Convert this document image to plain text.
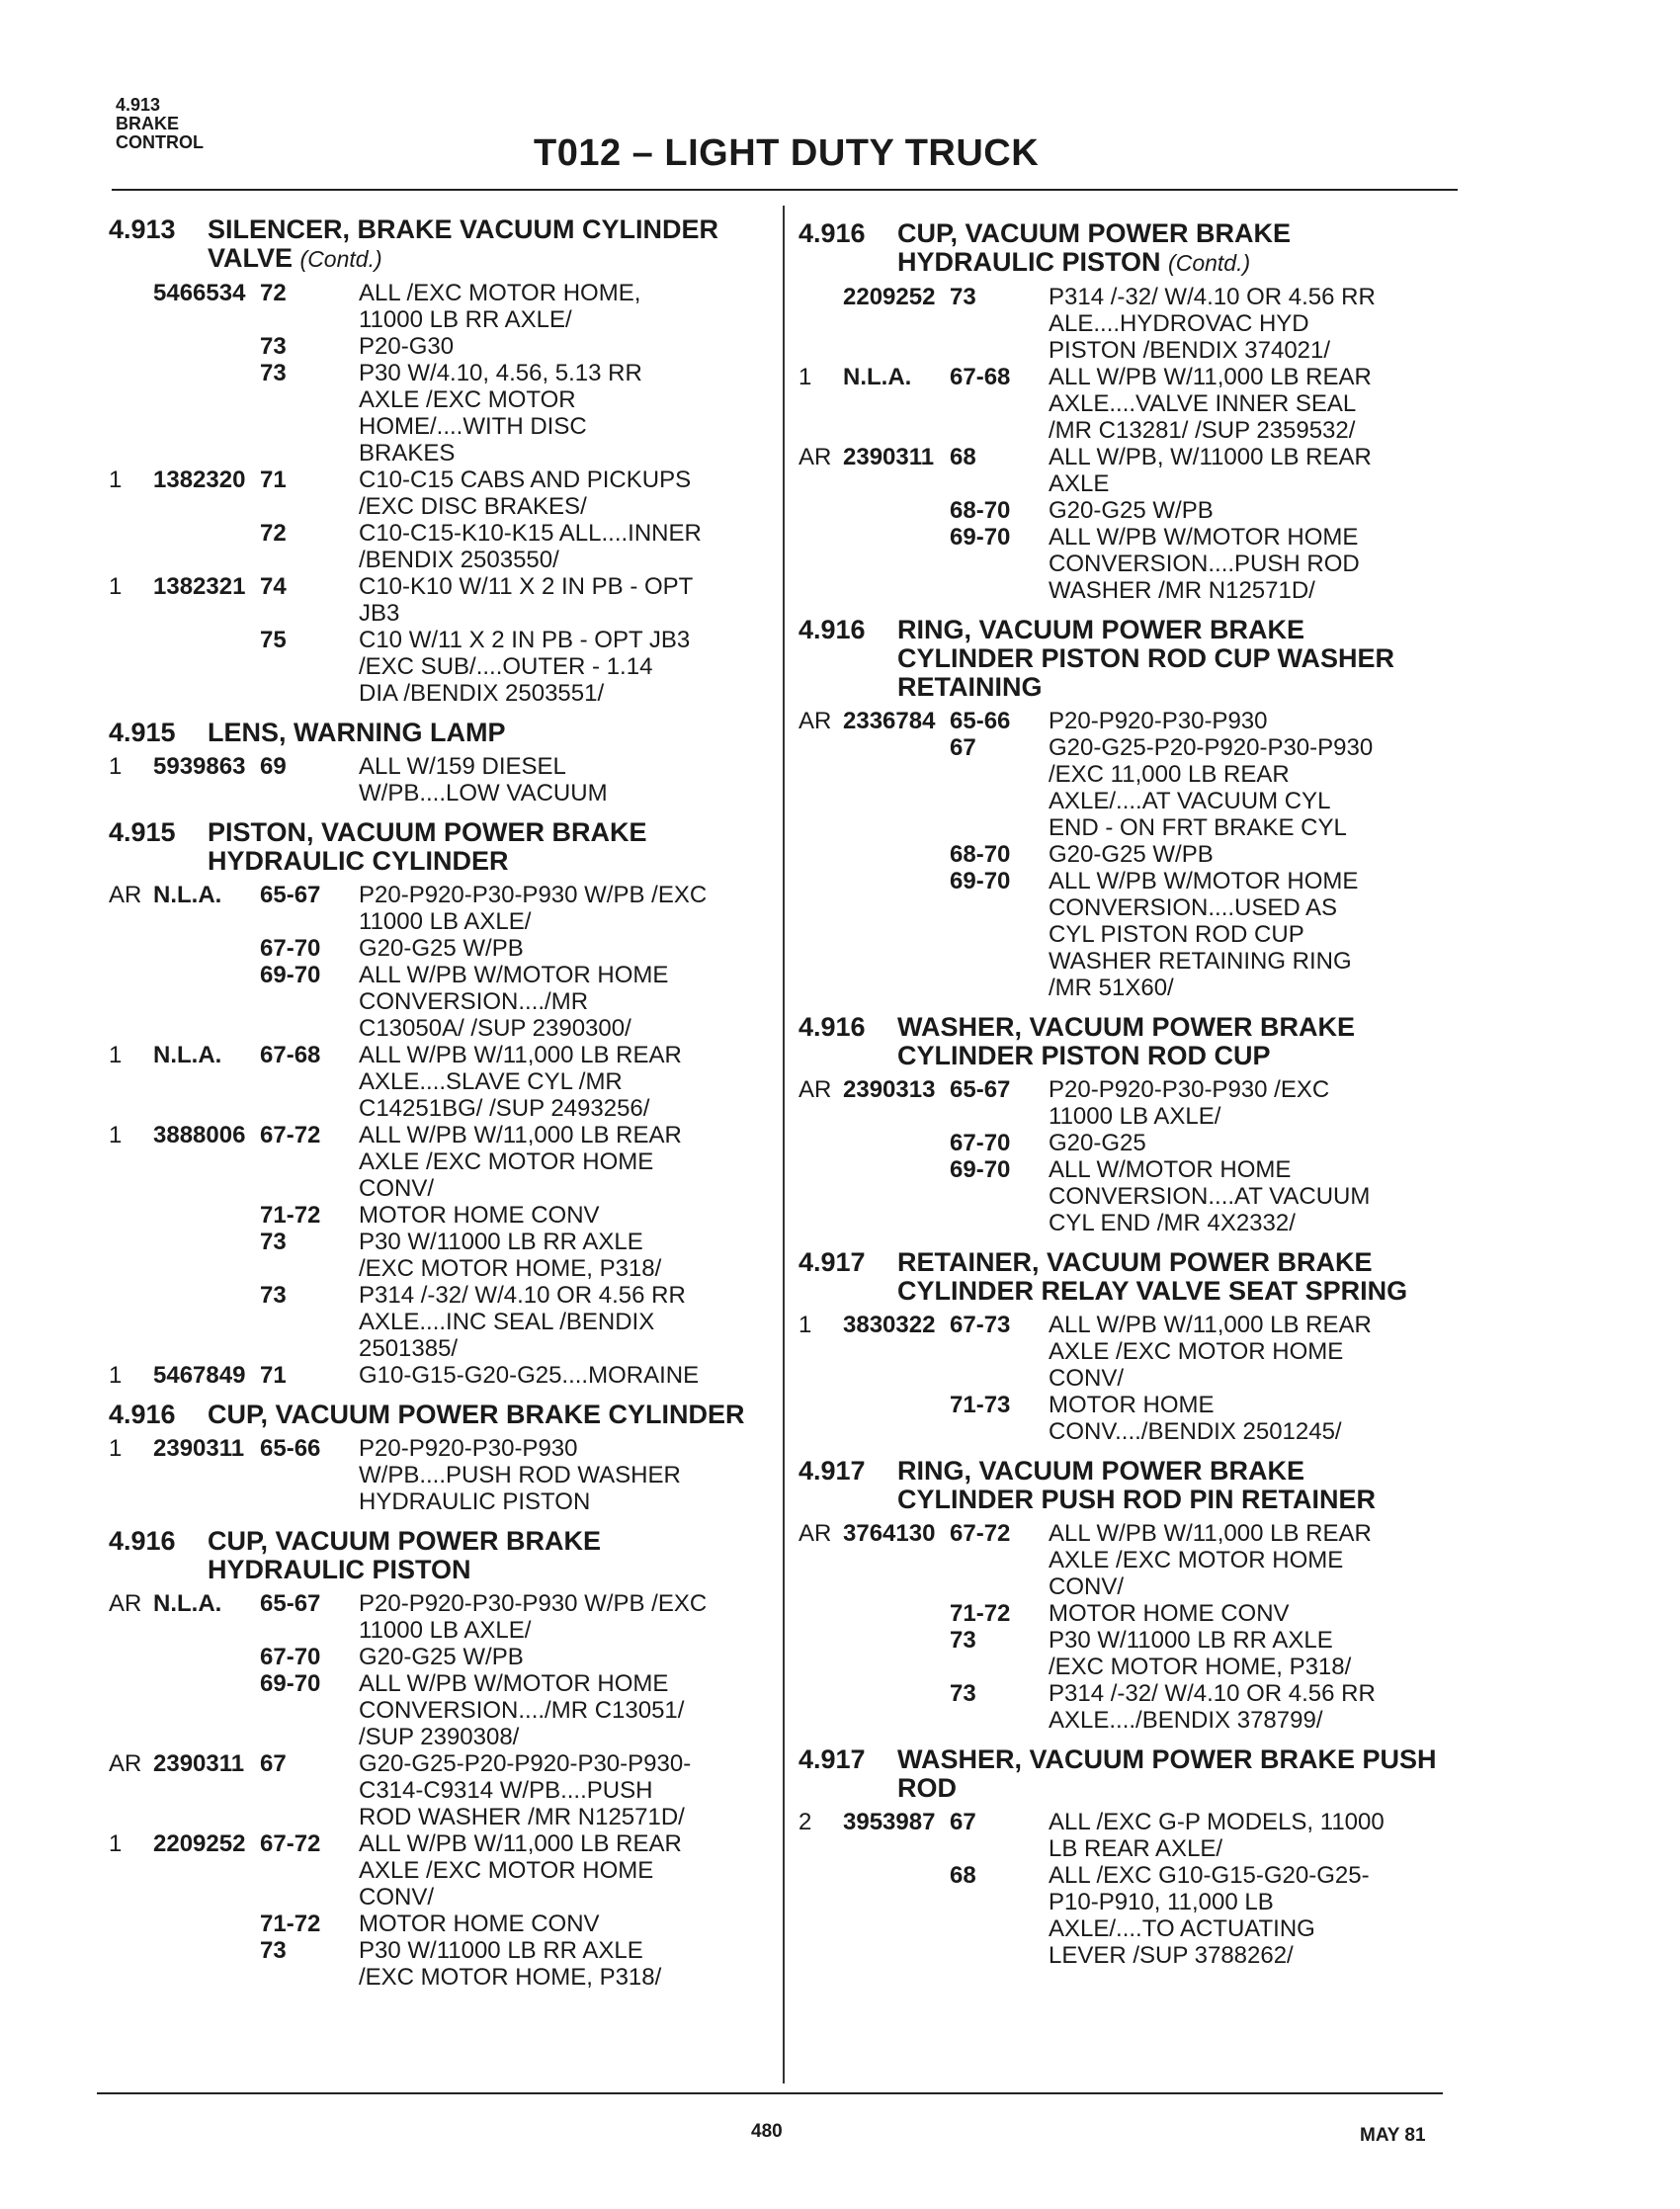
4.913
BRAKE
CONTROL	T012 – LIGHT DUTY TRUCK
4.913 SILENCER, BRAKE VACUUM CYLINDER
VALVE (Contd.)
5466534 72	ALL /EXC MOTOR HOME,
11000 LB RR AXLE/
73	P20-G30
73	P30 W/4.10, 4.56, 5.13 RR
AXLE /EXC MOTOR
HOME/....WITH DISC
BRAKES
1	1382320 71	C10-C15 CABS AND PICKUPS
/EXC DISC BRAKES/
72	C10-C15-K10-K15 ALL....INNER
/BENDIX 2503550/
1	1382321 74	C10-K10 W/11 X 2 IN PB - OPT
JB3
75	C10 W/11 X 2 IN PB - OPT JB3
/EXC SUB/....OUTER - 1.14
DIA /BENDIX 2503551/
4.915 LENS, WARNING LAMP
1	5939863 69	ALL W/159 DIESEL
W/PB....LOW VACUUM
4.915 PISTON, VACUUM POWER BRAKE
HYDRAULIC CYLINDER
AR N.L.A.	65-67	P20-P920-P30-P930 W/PB /EXC
11000 LB AXLE/
67-70	G20-G25 W/PB
69-70	ALL W/PB W/MOTOR HOME
CONVERSION..../MR
C13050A/ /SUP 2390300/
1	N.L.A.	67-68	ALL W/PB W/11,000 LB REAR
AXLE....SLAVE CYL /MR
C14251BG/ /SUP 2493256/
1	3888006 67-72	ALL W/PB W/11,000 LB REAR
AXLE /EXC MOTOR HOME
CONV/
71-72	MOTOR HOME CONV
73	P30 W/11000 LB RR AXLE
/EXC MOTOR HOME, P318/
73	P314 /-32/ W/4.10 OR 4.56 RR
AXLE....INC SEAL /BENDIX
2501385/
1	5467849 71	G10-G15-G20-G25....MORAINE
4.916 CUP, VACUUM POWER BRAKE CYLINDER
1	2390311 65-66	P20-P920-P30-P930
W/PB....PUSH ROD WASHER
HYDRAULIC PISTON
4.916 CUP, VACUUM POWER BRAKE
HYDRAULIC PISTON
AR N.L.A.	65-67	P20-P920-P30-P930 W/PB /EXC
11000 LB AXLE/
67-70	G20-G25 W/PB
69-70	ALL W/PB W/MOTOR HOME
CONVERSION..../MR C13051/
/SUP 2390308/
AR 2390311 67	G20-G25-P20-P920-P30-P930-
C314-C9314 W/PB....PUSH
ROD WASHER /MR N12571D/
1	2209252 67-72	ALL W/PB W/11,000 LB REAR
AXLE /EXC MOTOR HOME
CONV/
71-72	MOTOR HOME CONV
73	P30 W/11000 LB RR AXLE
/EXC MOTOR HOME, P318/
4.916 CUP, VACUUM POWER BRAKE
HYDRAULIC PISTON (Contd.)
2209252 73	P314 /-32/ W/4.10 OR 4.56 RR
ALE....HYDROVAC HYD
PISTON /BENDIX 374021/
1	N.L.A.	67-68	ALL W/PB W/11,000 LB REAR
AXLE....VALVE INNER SEAL
/MR C13281/ /SUP 2359532/
AR 2390311 68	ALL W/PB, W/11000 LB REAR
AXLE
68-70	G20-G25 W/PB
69-70	ALL W/PB W/MOTOR HOME
CONVERSION....PUSH ROD
WASHER /MR N12571D/
4.916 RING, VACUUM POWER BRAKE
CYLINDER PISTON ROD CUP WASHER
RETAINING
AR 2336784 65-66	P20-P920-P30-P930
67	G20-G25-P20-P920-P30-P930
/EXC 11,000 LB REAR
AXLE/....AT VACUUM CYL
END - ON FRT BRAKE CYL
68-70	G20-G25 W/PB
69-70	ALL W/PB W/MOTOR HOME
CONVERSION....USED AS
CYL PISTON ROD CUP
WASHER RETAINING RING
/MR 51X60/
4.916 WASHER, VACUUM POWER BRAKE
CYLINDER PISTON ROD CUP
AR 2390313 65-67	P20-P920-P30-P930 /EXC
11000 LB AXLE/
67-70	G20-G25
69-70	ALL W/MOTOR HOME
CONVERSION....AT VACUUM
CYL END /MR 4X2332/
4.917 RETAINER, VACUUM POWER BRAKE
CYLINDER RELAY VALVE SEAT SPRING
1	3830322 67-73	ALL W/PB W/11,000 LB REAR
AXLE /EXC MOTOR HOME
CONV/
71-73	MOTOR HOME
CONV..../BENDIX 2501245/
4.917 RING, VACUUM POWER BRAKE
CYLINDER PUSH ROD PIN RETAINER
AR 3764130 67-72	ALL W/PB W/11,000 LB REAR
AXLE /EXC MOTOR HOME
CONV/
71-72	MOTOR HOME CONV
73	P30 W/11000 LB RR AXLE
/EXC MOTOR HOME, P318/
73	P314 /-32/ W/4.10 OR 4.56 RR
AXLE..../BENDIX 378799/
4.917 WASHER, VACUUM POWER BRAKE PUSH
ROD
2	3953987 67	ALL /EXC G-P MODELS, 11000
LB REAR AXLE/
68	ALL /EXC G10-G15-G20-G25-
P10-P910, 11,000 LB
AXLE/....TO ACTUATING
LEVER /SUP 3788262/
480	MAY 81
